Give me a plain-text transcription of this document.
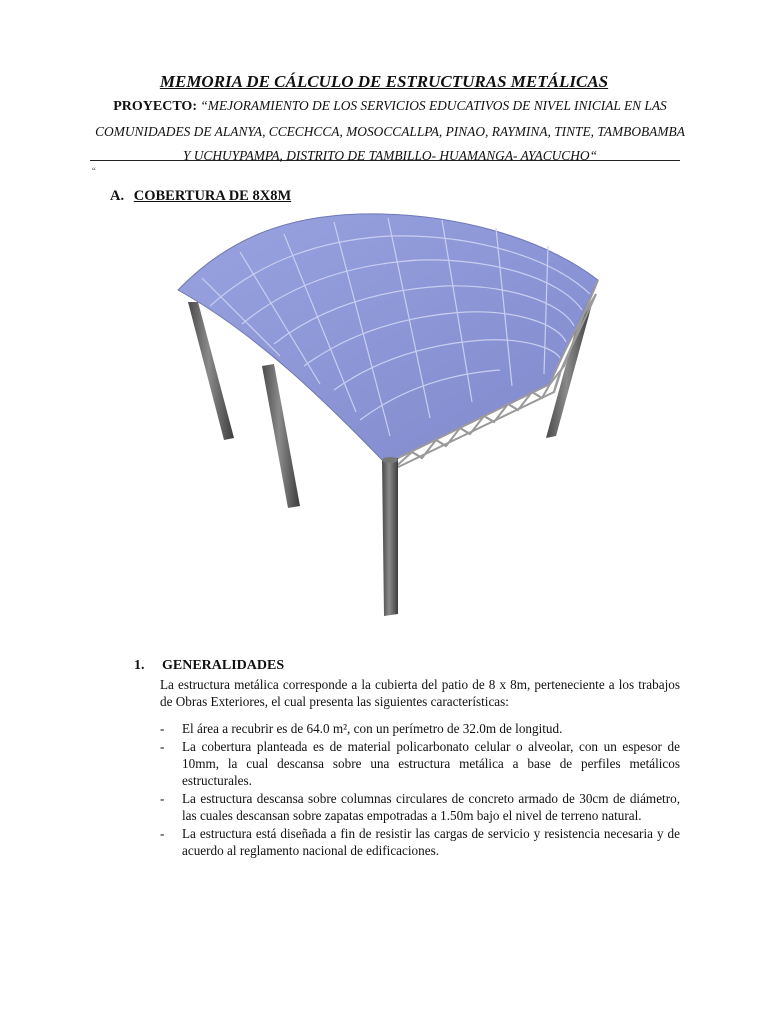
MEMORIA DE CÁLCULO DE ESTRUCTURAS METÁLICAS
PROYECTO: “MEJORAMIENTO DE LOS SERVICIOS EDUCATIVOS DE NIVEL INICIAL EN LAS COMUNIDADES DE ALANYA, CCECHCCA, MOSOCCALLPA, PINAO, RAYMINA, TINTE, TAMBOBAMBA Y UCHUYPAMPA, DISTRITO DE TAMBILLO- HUAMANGA- AYACUCHO“
“
A. COBERTURA DE 8X8M
1. GENERALIDADES
La estructura metálica corresponde a la cubierta del patio de 8 x 8m, perteneciente a los trabajos de Obras Exteriores, el cual presenta las siguientes características:
- El área a recubrir es de 64.0 m², con un perímetro de 32.0m de longitud.
- La cobertura planteada es de material policarbonato celular o alveolar, con un espesor de 10mm, la cual descansa sobre una estructura metálica a base de perfiles metálicos estructurales.
- La estructura descansa sobre columnas circulares de concreto armado de 30cm de diámetro, las cuales descansan sobre zapatas empotradas a 1.50m bajo el nivel de terreno natural.
- La estructura está diseñada a fin de resistir las cargas de servicio y resistencia necesaria y de acuerdo al reglamento nacional de edificaciones.
